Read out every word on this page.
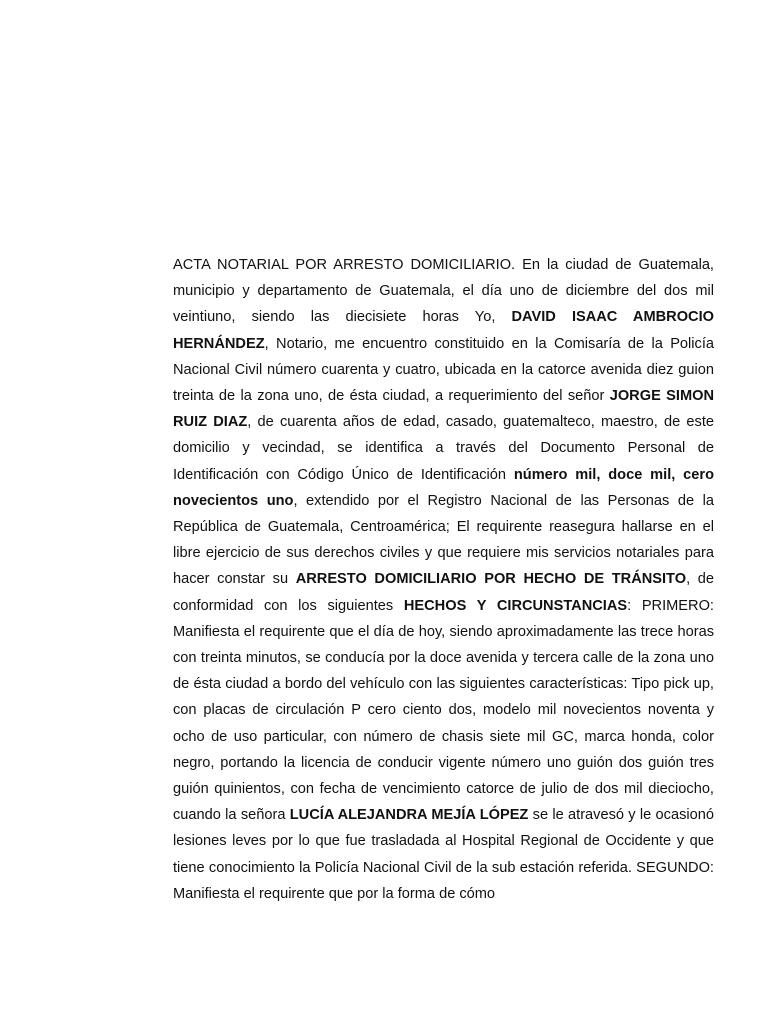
ACTA NOTARIAL POR ARRESTO DOMICILIARIO. En la ciudad de Guatemala, municipio y departamento de Guatemala, el día uno de diciembre del dos mil veintiuno, siendo las diecisiete horas Yo, DAVID ISAAC AMBROCIO HERNÁNDEZ, Notario, me encuentro constituido en la Comisaría de la Policía Nacional Civil número cuarenta y cuatro, ubicada en la catorce avenida diez guion treinta de la zona uno, de ésta ciudad, a requerimiento del señor JORGE SIMON RUIZ DIAZ, de cuarenta años de edad, casado, guatemalteco, maestro, de este domicilio y vecindad, se identifica a través del Documento Personal de Identificación con Código Único de Identificación número mil, doce mil, cero novecientos uno, extendido por el Registro Nacional de las Personas de la República de Guatemala, Centroamérica; El requirente reasegura hallarse en el libre ejercicio de sus derechos civiles y que requiere mis servicios notariales para hacer constar su ARRESTO DOMICILIARIO POR HECHO DE TRÁNSITO, de conformidad con los siguientes HECHOS Y CIRCUNSTANCIAS: PRIMERO: Manifiesta el requirente que el día de hoy, siendo aproximadamente las trece horas con treinta minutos, se conducía por la doce avenida y tercera calle de la zona uno de ésta ciudad a bordo del vehículo con las siguientes características: Tipo pick up, con placas de circulación P cero ciento dos, modelo mil novecientos noventa y ocho de uso particular, con número de chasis siete mil GC, marca honda, color negro, portando la licencia de conducir vigente número uno guión dos guión tres guión quinientos, con fecha de vencimiento catorce de julio de dos mil dieciocho, cuando la señora LUCÍA ALEJANDRA MEJÍA LÓPEZ se le atravesó y le ocasionó lesiones leves por lo que fue trasladada al Hospital Regional de Occidente y que tiene conocimiento la Policía Nacional Civil de la sub estación referida. SEGUNDO: Manifiesta el requirente que por la forma de cómo
